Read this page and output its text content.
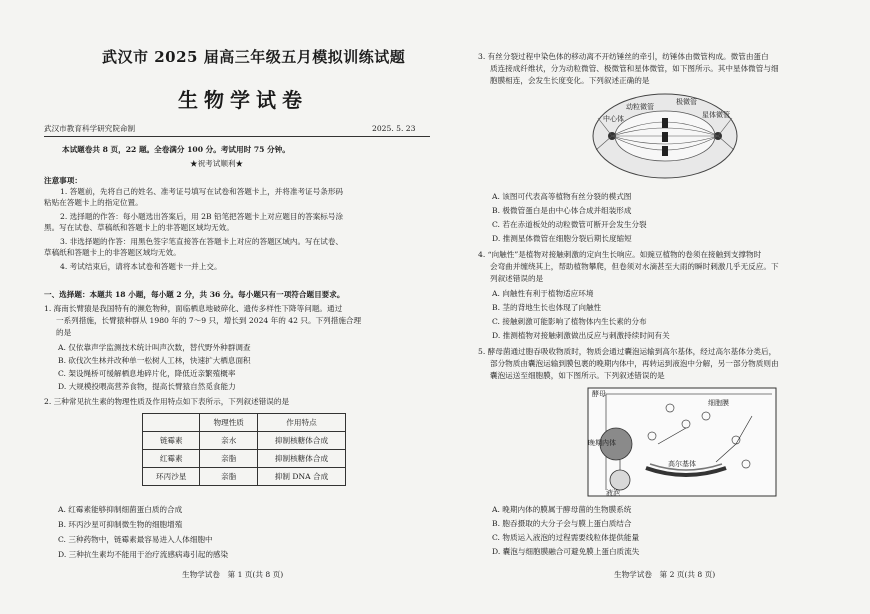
武汉市 2025 届高三年级五月模拟训练试题
生物学试卷
武汉市教育科学研究院命制	2025. 5. 23
本试题卷共 8 页，22 题。全卷满分 100 分。考试用时 75 分钟。
★祝考试顺利★
注意事项：
1. 答题前，先将自己的姓名、准考证号填写在试卷和答题卡上，并将准考证号条形码
粘贴在答题卡上的指定位置。
2. 选择题的作答：每小题选出答案后，用 2B 铅笔把答题卡上对应题目的答案标号涂
黑。写在试卷、草稿纸和答题卡上的非答题区域均无效。
3. 非选择题的作答：用黑色签字笔直接答在答题卡上对应的答题区域内。写在试卷、
草稿纸和答题卡上的非答题区域均无效。
4. 考试结束后，请将本试卷和答题卡一并上交。
一、选择题：本题共 18 小题，每小题 2 分，共 36 分。每小题只有一项符合题目要求。
1. 海南长臂猿是我国特有的濒危物种，面临栖息地破碎化、遗传多样性下降等问题。通过
一系列措施，长臂猿种群从 1980 年的 7～9 只，增长到 2024 年的 42 只。下列措施合理
的是
A. 仅依靠声学监测技术统计叫声次数，替代野外种群调查
B. 砍伐次生林并改种单一松树人工林，快速扩大栖息面积
C. 架设绳桥可缓解栖息地碎片化，降低近亲繁殖概率
D. 大规模投喂高营养食物，提高长臂猿自然觅食能力
2. 三种常见抗生素的物理性质及作用特点如下表所示，下列叙述错误的是
	物理性质	作用特点
链霉素	亲水	抑制核糖体合成
红霉素	亲脂	抑制核糖体合成
环丙沙星	亲脂	抑制 DNA 合成
A. 红霉素能够抑制细菌蛋白质的合成
B. 环丙沙星可抑制微生物的细胞增殖
C. 三种药物中，链霉素最容易进入人体细胞中
D. 三种抗生素均不能用于治疗流感病毒引起的感染
生物学试卷　第 1 页(共 8 页)
3. 有丝分裂过程中染色体的移动离不开纺锤丝的牵引，纺锤体由微管构成。微管由蛋白
质连接成纤维状，分为动粒微管、极微管和星体微管，如下图所示。其中星体微管与细
胞膜相连，会发生长度变化。下列叙述正确的是
极微管
动粒微管
星体微管
中心体
A. 该图可代表高等植物有丝分裂的模式图
B. 极微管蛋白是由中心体合成并组装形成
C. 若在赤道板处的动粒微管可断开会发生分裂
D. 推测星体微管在细胞分裂后期长度缩短
4. “向触性”是植物对接触刺激的定向生长响应。如豌豆植物的卷须在接触到支撑物时
会弯曲并缠绕其上，帮助植物攀爬，但卷须对水滴甚至大雨的瞬时刺激几乎无反应。下
列叙述错误的是
A. 向触性有利于植物适应环境
B. 茎的背地生长也体现了向触性
C. 接触刺激可能影响了植物体内生长素的分布
D. 推测植物对接触刺激做出反应与刺激持续时间有关
5. 酵母菌通过胞吞吸收物质时，物质会通过囊泡运输到高尔基体，经过高尔基体分类后，
部分物质由囊泡运输到膜包裹的晚期内体中，再转运到液泡中分解，另一部分物质则由
囊泡运送至细胞膜，如下图所示。下列叙述错误的是
酵母
细胞膜
晚期内体
高尔基体
液泡
A. 晚期内体的膜属于酵母菌的生物膜系统
B. 胞吞摄取的大分子会与膜上蛋白质结合
C. 物质运入液泡的过程需要线粒体提供能量
D. 囊泡与细胞膜融合可避免膜上蛋白质流失
生物学试卷　第 2 页(共 8 页)
